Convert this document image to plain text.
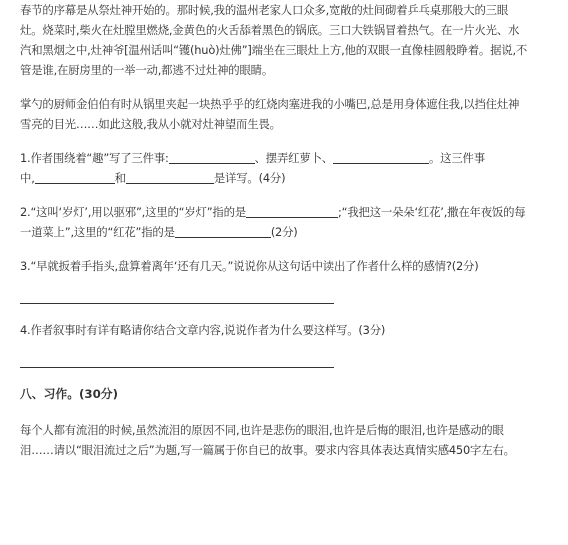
春节的序幕是从祭灶神开始的。那时候,我的温州老家人口众多,宽敞的灶间砌着乒乓桌那般大的三眼

灶。烧菜时,柴火在灶膛里燃烧,金黄色的火舌舔着黑色的锅底。三口大铁锅冒着热气。在一片火光、水

汽和黑烟之中,灶神爷[温州话叫“镬(huò)灶佛”]端坐在三眼灶上方,他的双眼一直像桂圆般睁着。据说,不

管是谁,在厨房里的一举一动,都逃不过灶神的眼睛。

掌勺的厨师金伯伯有时从锅里夹起一块热乎乎的红烧肉塞进我的小嘴巴,总是用身体遮住我,以挡住灶神

雪亮的目光……如此这般,我从小就对灶神望而生畏。

1.作者围绕着“趣”写了三件事:	、摆弄红萝卜、	。这三件事

中,	和	是详写。(4分)

2.“这叫‘岁灯’,用以驱邪”,这里的“岁灯”指的是	;“我把这一朵朵‘红花’,撒在年夜饭的每

一道菜上”,这里的“红花”指的是	(2分)

3.“早就扳着手指头,盘算着离年‘还有几天。”说说你从这句话中读出了作者什么样的感情?(2分)

4.作者叙事时有详有略请你结合文章内容,说说作者为什么要这样写。(3分)

八、习作。(30分)

每个人都有流泪的时候,虽然流泪的原因不同,也许是悲伤的眼泪,也许是后悔的眼泪,也许是感动的眼

泪……请以“眼泪流过之后”为题,写一篇属于你自已的故事。要求内容具体表达真情实感450字左右。
